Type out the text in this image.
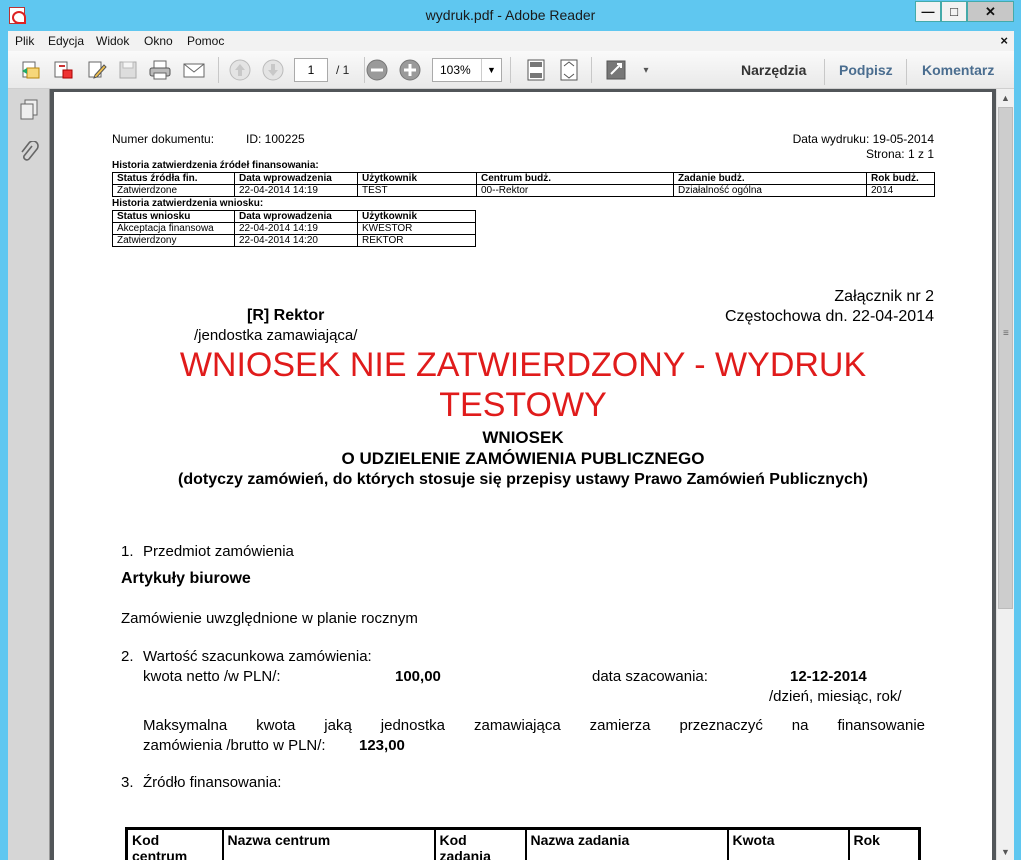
wydruk.pdf - Adobe Reader	—	□	✕
Plik Edycja Widok Okno Pomoc	×
1	/ 1	103%	▼	▾	Narzędzia Podpisz Komentarz
Numer dokumentu:	ID: 100225	Data wydruku: 19-05-2014
Strona: 1 z 1
Historia zatwierdzenia źródeł finansowania:
Status źródła fin.	Data wprowadzenia	Użytkownik	Centrum budż.	Zadanie budż.	Rok budż.
Zatwierdzone	22-04-2014 14:19	TEST	00--Rektor	Działalność ogólna	2014
Historia zatwierdzenia wniosku:
Status wniosku	Data wprowadzenia	Użytkownik
Akceptacja finansowa	22-04-2014 14:19	KWESTOR
Zatwierdzony	22-04-2014 14:20	REKTOR
Załącznik nr 2
[R] Rektor	Częstochowa dn. 22-04-2014
/jendostka zamawiająca/
WNIOSEK NIE ZATWIERDZONY - WYDRUK
TESTOWY
WNIOSEK
O UDZIELENIE ZAMÓWIENIA PUBLICZNEGO
(dotyczy zamówień, do których stosuje się przepisy ustawy Prawo Zamówień Publicznych)
1. Przedmiot zamówienia
Artykuły biurowe
Zamówienie uwzględnione w planie rocznym
2. Wartość szacunkowa zamówienia:
kwota netto /w PLN/:	100,00	data szacowania:	12-12-2014
/dzień, miesiąc, rok/
Maksymalna kwota jaką jednostka zamawiająca zamierza przeznaczyć na finansowanie
zamówienia /brutto w PLN/: 123,00
3. Źródło finansowania:
Kod centrum	Nazwa centrum	Kod zadania	Nazwa zadania	Kwota	Rok
▲
≡
▼
